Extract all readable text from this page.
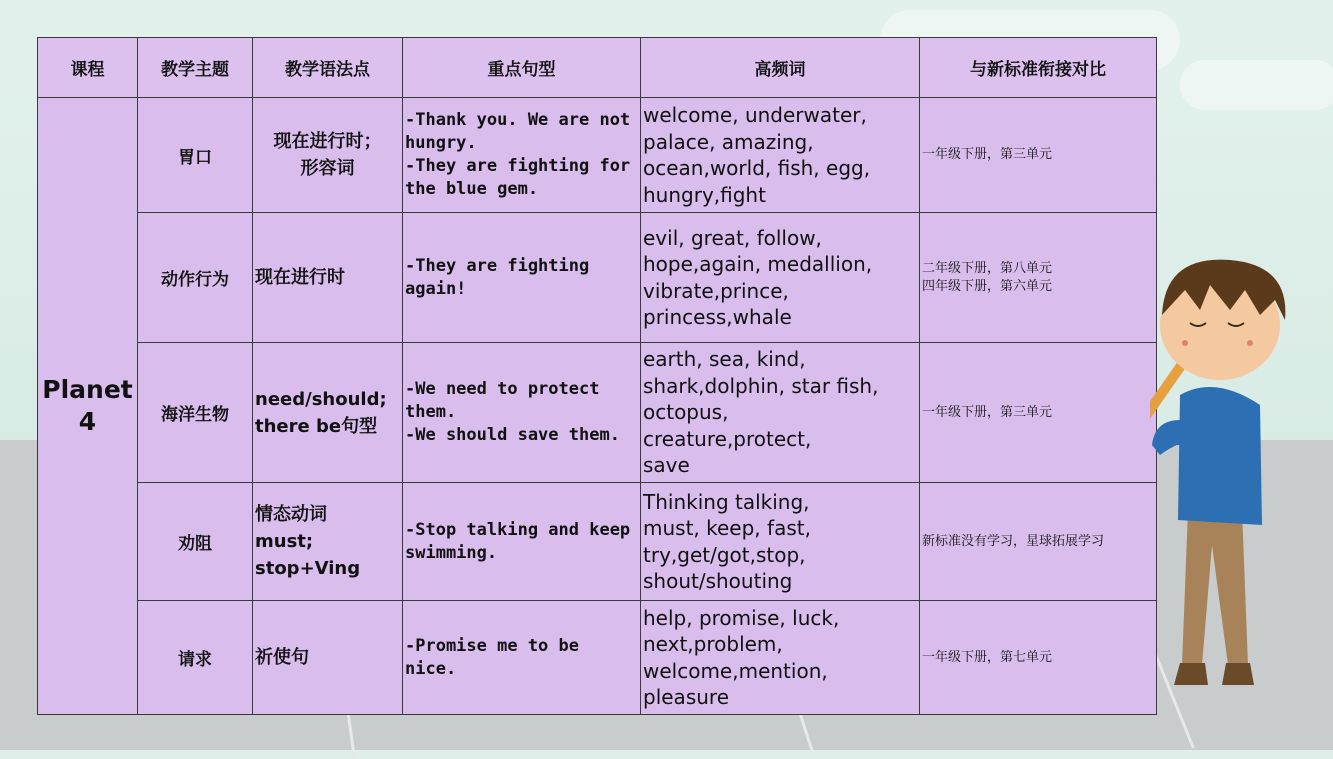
课程	教学主题	教学语法点	重点句型	高频词	与新标准衔接对比
Planet
4	胃口	现在进行时；
形容词	-Thank you. We are not hungry.
-They are fighting for the blue gem.	welcome, underwater,
palace, amazing,
ocean,world, fish, egg,
hungry,fight	一年级下册，第三单元
	动作行为	现在进行时	-They are fighting again!	evil, great, follow,
hope,again, medallion,
vibrate,prince,
princess,whale	二年级下册，第八单元
四年级下册，第六单元
	海洋生物	need/should;
there be句型	-We need to protect them.
-We should save them.	earth, sea, kind,
shark,dolphin, star fish,
octopus,
creature,protect,
save	一年级下册，第三单元
	劝阻	情态动词
must;
stop+Ving	-Stop talking and keep swimming.	Thinking talking,
must, keep, fast,
try,get/got,stop,
shout/shouting	新标准没有学习，星球拓展学习
	请求	祈使句	-Promise me to be nice.	help, promise, luck,
next,problem,
welcome,mention, pleasure	一年级下册，第七单元
